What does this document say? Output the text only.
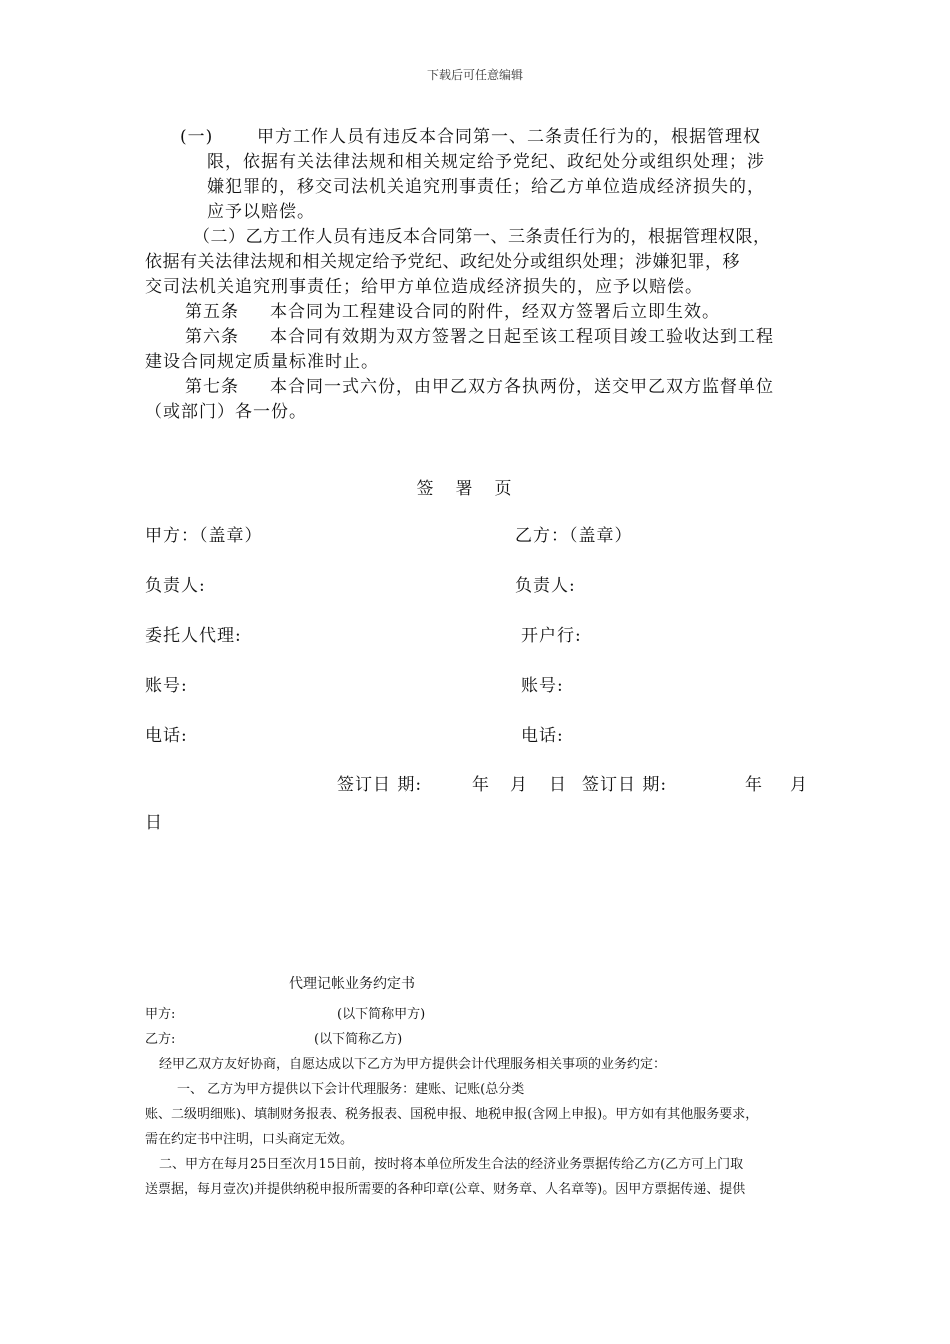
下载后可任意编辑
(一)	甲方工作人员有违反本合同第一、二条责任行为的，根据管理权
限，依据有关法律法规和相关规定给予党纪、政纪处分或组织处理；涉
嫌犯罪的，移交司法机关追究刑事责任；给乙方单位造成经济损失的，
应予以赔偿。
（二）乙方工作人员有违反本合同第一、三条责任行为的，根据管理权限，
依据有关法律法规和相关规定给予党纪、政纪处分或组织处理；涉嫌犯罪，移
交司法机关追究刑事责任；给甲方单位造成经济损失的，应予以赔偿。
第五条 本合同为工程建设合同的附件，经双方签署后立即生效。
第六条 本合同有效期为双方签署之日起至该工程项目竣工验收达到工程
建设合同规定质量标准时止。
第七条 本合同一式六份，由甲乙双方各执两份，送交甲乙双方监督单位
（或部门）各一份。
签署页
甲方：（盖章）	乙方：（盖章）
负责人:	负责人:
委托人代理:	开户行:
账号:	账号:
电话:	电话:
签订日 期:	年 月 日 签订日 期:	年 月
日
代理记帐业务约定书
甲方:	(以下简称甲方)
乙方:	(以下简称乙方)
经甲乙双方友好协商，自愿达成以下乙方为甲方提供会计代理服务相关事项的业务约定：
一、 乙方为甲方提供以下会计代理服务：建账、记账(总分类
账、二级明细账)、填制财务报表、税务报表、国税申报、地税申报(含网上申报)。甲方如有其他服务要求，
需在约定书中注明，口头商定无效。
二、甲方在每月25日至次月15日前，按时将本单位所发生合法的经济业务票据传给乙方(乙方可上门取
送票据，每月壹次)并提供纳税申报所需要的各种印章(公章、财务章、人名章等)。因甲方票据传递、提供
